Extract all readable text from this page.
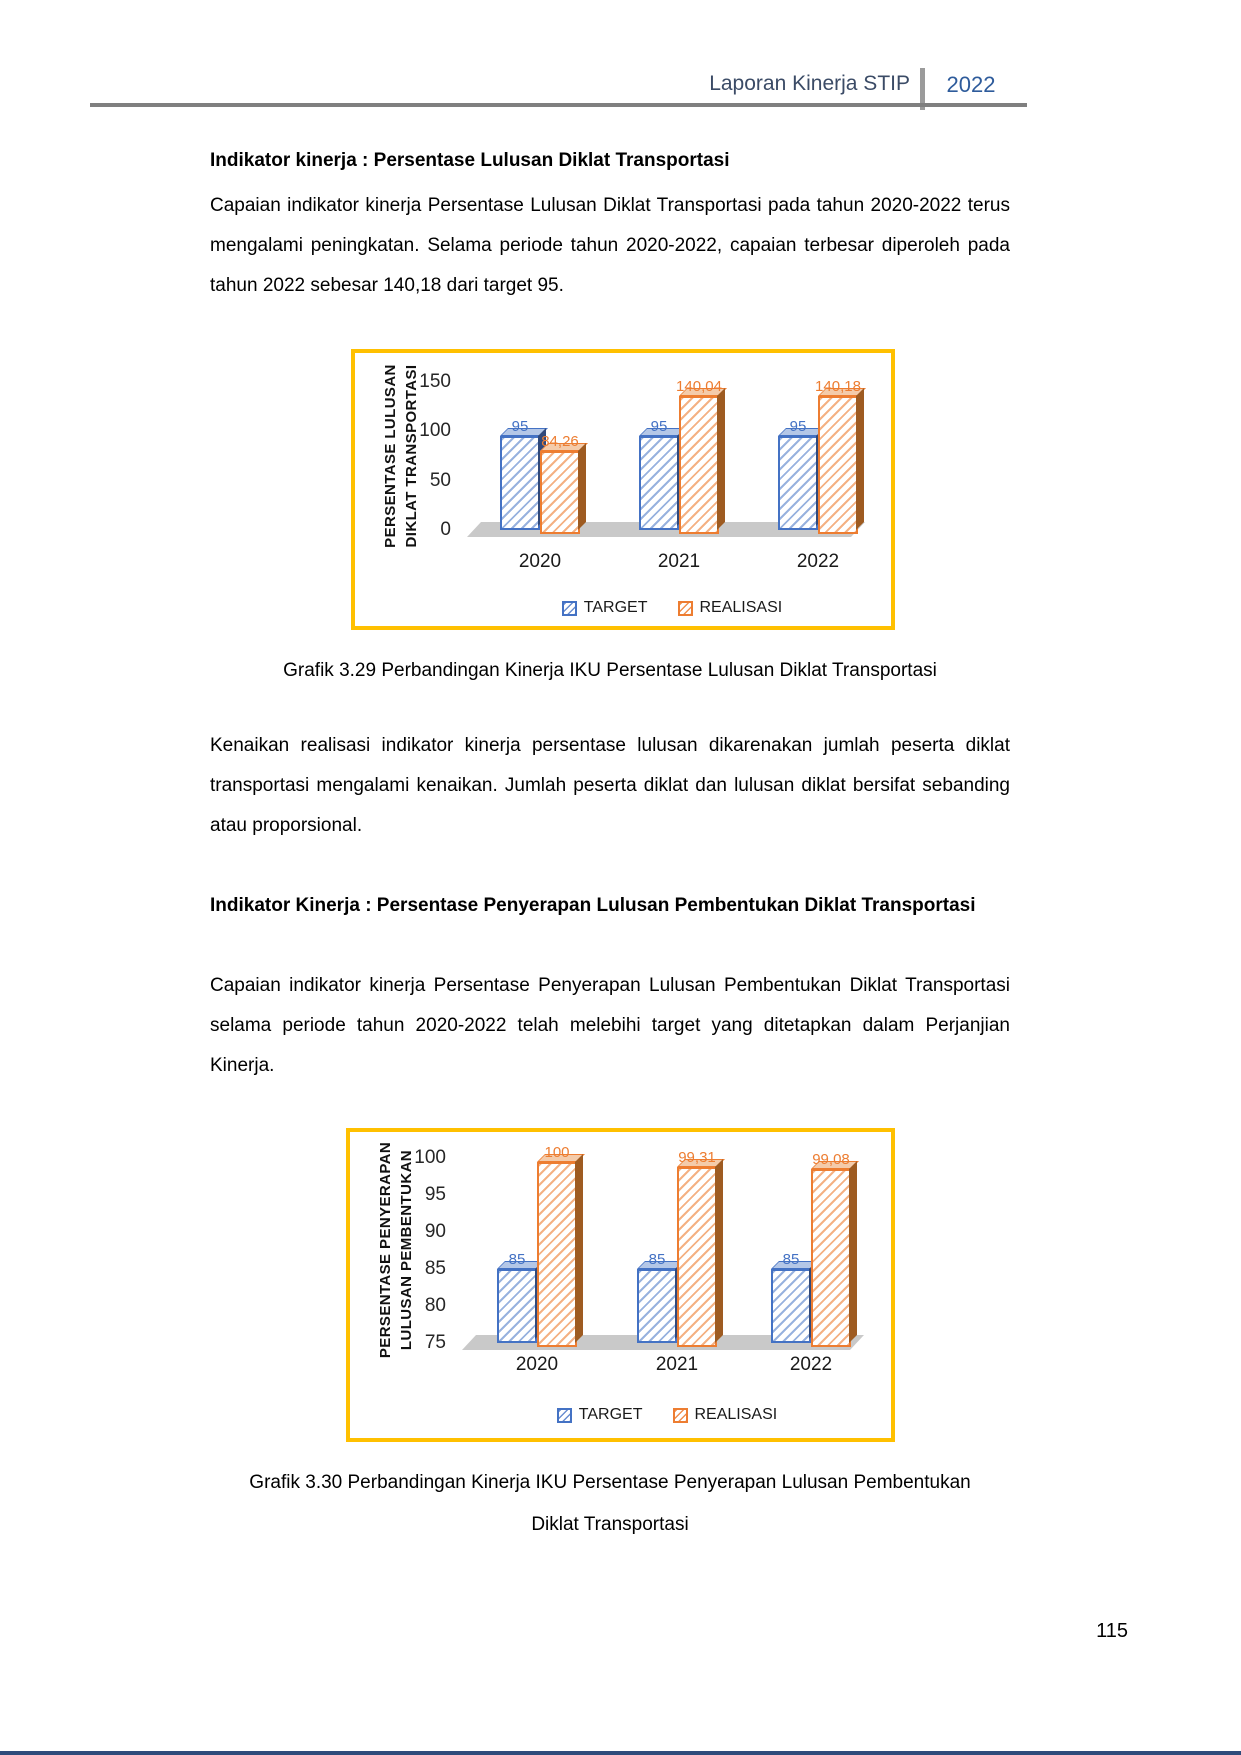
Laporan Kinerja STIP	2022
Indikator kinerja : Persentase Lulusan Diklat Transportasi
Capaian indikator kinerja Persentase Lulusan Diklat Transportasi pada tahun 2020-2022 terus mengalami peningkatan. Selama periode tahun 2020-2022, capaian terbesar diperoleh pada tahun 2022 sebesar 140,18 dari target 95.
PERSENTASE LULUSAN DIKLAT TRANSPORTASI	0
50
100
150
95
84,26
2020
95
140,04
2021
95
140,18
2022
TARGET	REALISASI
Grafik 3.29 Perbandingan Kinerja IKU Persentase Lulusan Diklat Transportasi
Kenaikan realisasi indikator kinerja persentase lulusan dikarenakan jumlah peserta diklat transportasi mengalami kenaikan. Jumlah peserta diklat dan lulusan diklat bersifat sebanding atau proporsional.
Indikator Kinerja : Persentase Penyerapan Lulusan Pembentukan Diklat Transportasi
Capaian indikator kinerja Persentase Penyerapan Lulusan Pembentukan Diklat Transportasi selama periode tahun 2020-2022 telah melebihi target yang ditetapkan dalam Perjanjian Kinerja.
PERSENTASE PENYERAPAN LULUSAN PEMBENTUKAN 75
80
85
90
95
100
85
100
2020
85
99,31
2021
85
99,08
2022
TARGET	REALISASI
Grafik 3.30 Perbandingan Kinerja IKU Persentase Penyerapan Lulusan Pembentukan
Diklat Transportasi
115
